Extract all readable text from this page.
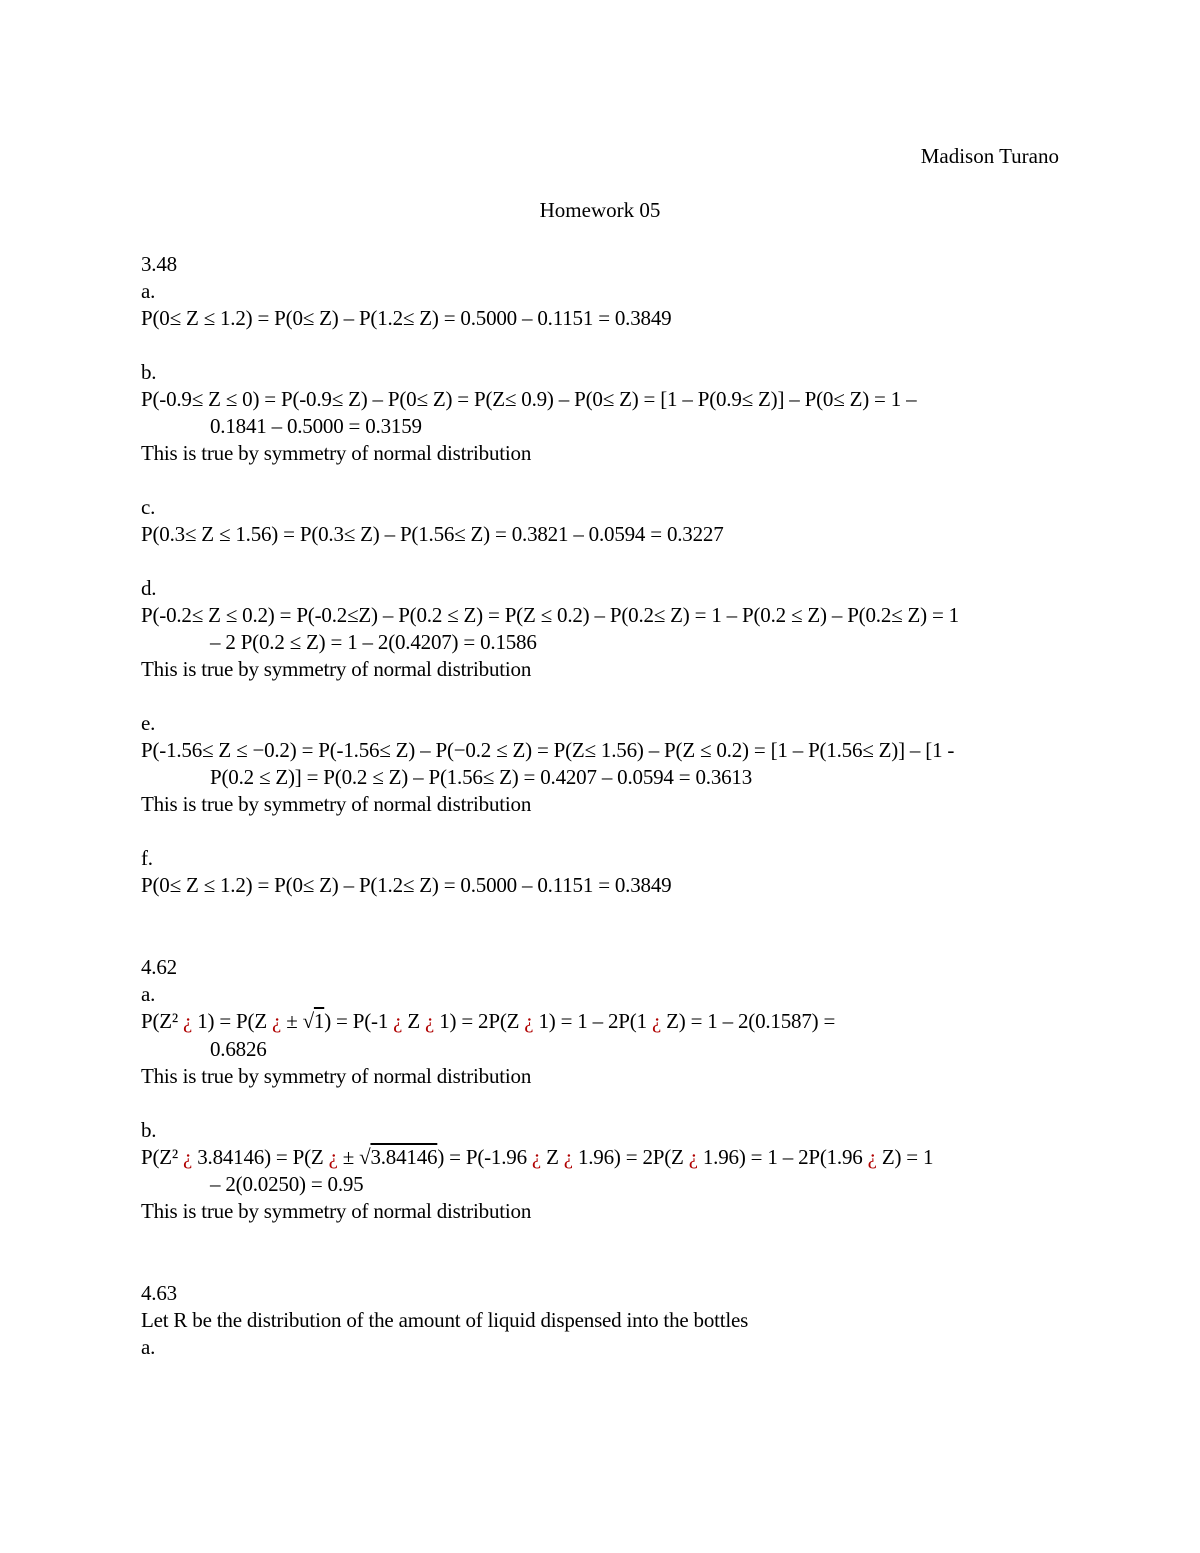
Madison Turano
Homework 05
3.48
a.
P(0≤ Z ≤ 1.2) = P(0≤ Z) – P(1.2≤ Z) = 0.5000 – 0.1151 = 0.3849
b.
P(-0.9≤ Z ≤ 0) = P(-0.9≤ Z) – P(0≤ Z) = P(Z≤ 0.9) – P(0≤ Z) = [1 – P(0.9≤ Z)] – P(0≤ Z) = 1 –
0.1841 – 0.5000 = 0.3159
This is true by symmetry of normal distribution
c.
P(0.3≤ Z ≤ 1.56) = P(0.3≤ Z) – P(1.56≤ Z) = 0.3821 – 0.0594 = 0.3227
d.
P(-0.2≤ Z ≤ 0.2) = P(-0.2≤Z) – P(0.2 ≤ Z) = P(Z ≤ 0.2) – P(0.2≤ Z) = 1 – P(0.2 ≤ Z) – P(0.2≤ Z) = 1
– 2 P(0.2 ≤ Z) = 1 – 2(0.4207) = 0.1586
This is true by symmetry of normal distribution
e.
P(-1.56≤ Z ≤ −0.2) = P(-1.56≤ Z) – P(−0.2 ≤ Z) = P(Z≤ 1.56) – P(Z ≤ 0.2) = [1 – P(1.56≤ Z)] – [1 -
P(0.2 ≤ Z)] = P(0.2 ≤ Z) – P(1.56≤ Z) = 0.4207 – 0.0594 = 0.3613
This is true by symmetry of normal distribution
f.
P(0≤ Z ≤ 1.2) = P(0≤ Z) – P(1.2≤ Z) = 0.5000 – 0.1151 = 0.3849
4.62
a.
P(Z² ¿ 1) = P(Z ¿ ± √1) = P(-1 ¿ Z ¿ 1) = 2P(Z ¿ 1) = 1 – 2P(1 ¿ Z) = 1 – 2(0.1587) =
0.6826
This is true by symmetry of normal distribution
b.
P(Z² ¿ 3.84146) = P(Z ¿ ± √3.84146) = P(-1.96 ¿ Z ¿ 1.96) = 2P(Z ¿ 1.96) = 1 – 2P(1.96 ¿ Z) = 1
– 2(0.0250) = 0.95
This is true by symmetry of normal distribution
4.63
Let R be the distribution of the amount of liquid dispensed into the bottles
a.
